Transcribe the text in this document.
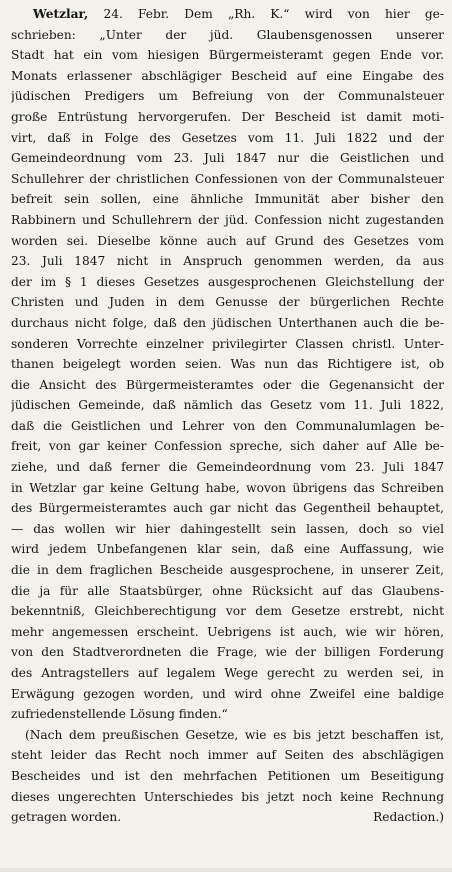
Wetzlar, 24. Febr. Dem „Rh. K.“ wird von hier ge-
schrieben: „Unter der jüd. Glaubensgenossen unserer
Stadt hat ein vom hiesigen Bürgermeisteramt gegen Ende vor.
Monats erlassener abschlägiger Bescheid auf eine Eingabe des
jüdischen Predigers um Befreiung von der Communalsteuer
große Entrüstung hervorgerufen. Der Bescheid ist damit moti-
virt, daß in Folge des Gesetzes vom 11. Juli 1822 und der
Gemeindeordnung vom 23. Juli 1847 nur die Geistlichen und
Schullehrer der christlichen Confessionen von der Communalsteuer
befreit sein sollen, eine ähnliche Immunität aber bisher den
Rabbinern und Schullehrern der jüd. Confession nicht zugestanden
worden sei. Dieselbe könne auch auf Grund des Gesetzes vom
23. Juli 1847 nicht in Anspruch genommen werden, da aus
der im § 1 dieses Gesetzes ausgesprochenen Gleichstellung der
Christen und Juden in dem Genusse der bürgerlichen Rechte
durchaus nicht folge, daß den jüdischen Unterthanen auch die be-
sonderen Vorrechte einzelner privilegirter Classen christl. Unter-
thanen beigelegt worden seien. Was nun das Richtigere ist, ob
die Ansicht des Bürgermeisteramtes oder die Gegenansicht der
jüdischen Gemeinde, daß nämlich das Gesetz vom 11. Juli 1822,
daß die Geistlichen und Lehrer von den Communalumlagen be-
freit, von gar keiner Confession spreche, sich daher auf Alle be-
ziehe, und daß ferner die Gemeindeordnung vom 23. Juli 1847
in Wetzlar gar keine Geltung habe, wovon übrigens das Schreiben
des Bürgermeisteramtes auch gar nicht das Gegentheil behauptet,
— das wollen wir hier dahingestellt sein lassen, doch so viel
wird jedem Unbefangenen klar sein, daß eine Auffassung, wie
die in dem fraglichen Bescheide ausgesprochene, in unserer Zeit,
die ja für alle Staatsbürger, ohne Rücksicht auf das Glaubens-
bekenntniß, Gleichberechtigung vor dem Gesetze erstrebt, nicht
mehr angemessen erscheint. Uebrigens ist auch, wie wir hören,
von den Stadtverordneten die Frage, wie der billigen Forderung
des Antragstellers auf legalem Wege gerecht zu werden sei, in
Erwägung gezogen worden, und wird ohne Zweifel eine baldige
zufriedenstellende Lösung finden.“
(Nach dem preußischen Gesetze, wie es bis jetzt beschaffen ist,
steht leider das Recht noch immer auf Seiten des abschlägigen
Bescheides und ist den mehrfachen Petitionen um Beseitigung
dieses ungerechten Unterschiedes bis jetzt noch keine Rechnung
getragen worden.	Redaction.)
